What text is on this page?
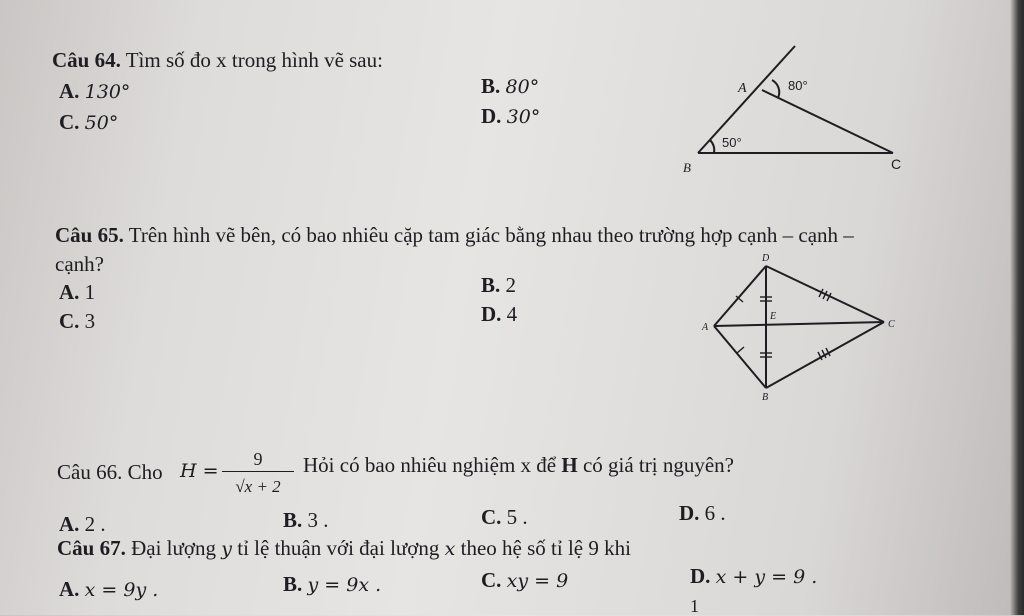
Câu 64. Tìm số đo x trong hình vẽ sau:
A. 130°	B. 80°
C. 50°	D. 30°
A	80°
50°
B	C
Câu 65. Trên hình vẽ bên, có bao nhiêu cặp tam giác bằng nhau theo trường hợp cạnh – cạnh –
cạnh?
A. 1	B. 2
C. 3	D. 4
D
A
E
C
B
Câu 66. Cho H =
9
√x + 2
Hỏi có bao nhiêu nghiệm x để H có giá trị nguyên?
A. 2 .	B. 3 .	C. 5 .	D. 6 .
Câu 67. Đại lượng y tỉ lệ thuận với đại lượng x theo hệ số tỉ lệ 9 khi
A. x = 9y .	B. y = 9x .	C. xy = 9	D. x + y = 9 .
1
